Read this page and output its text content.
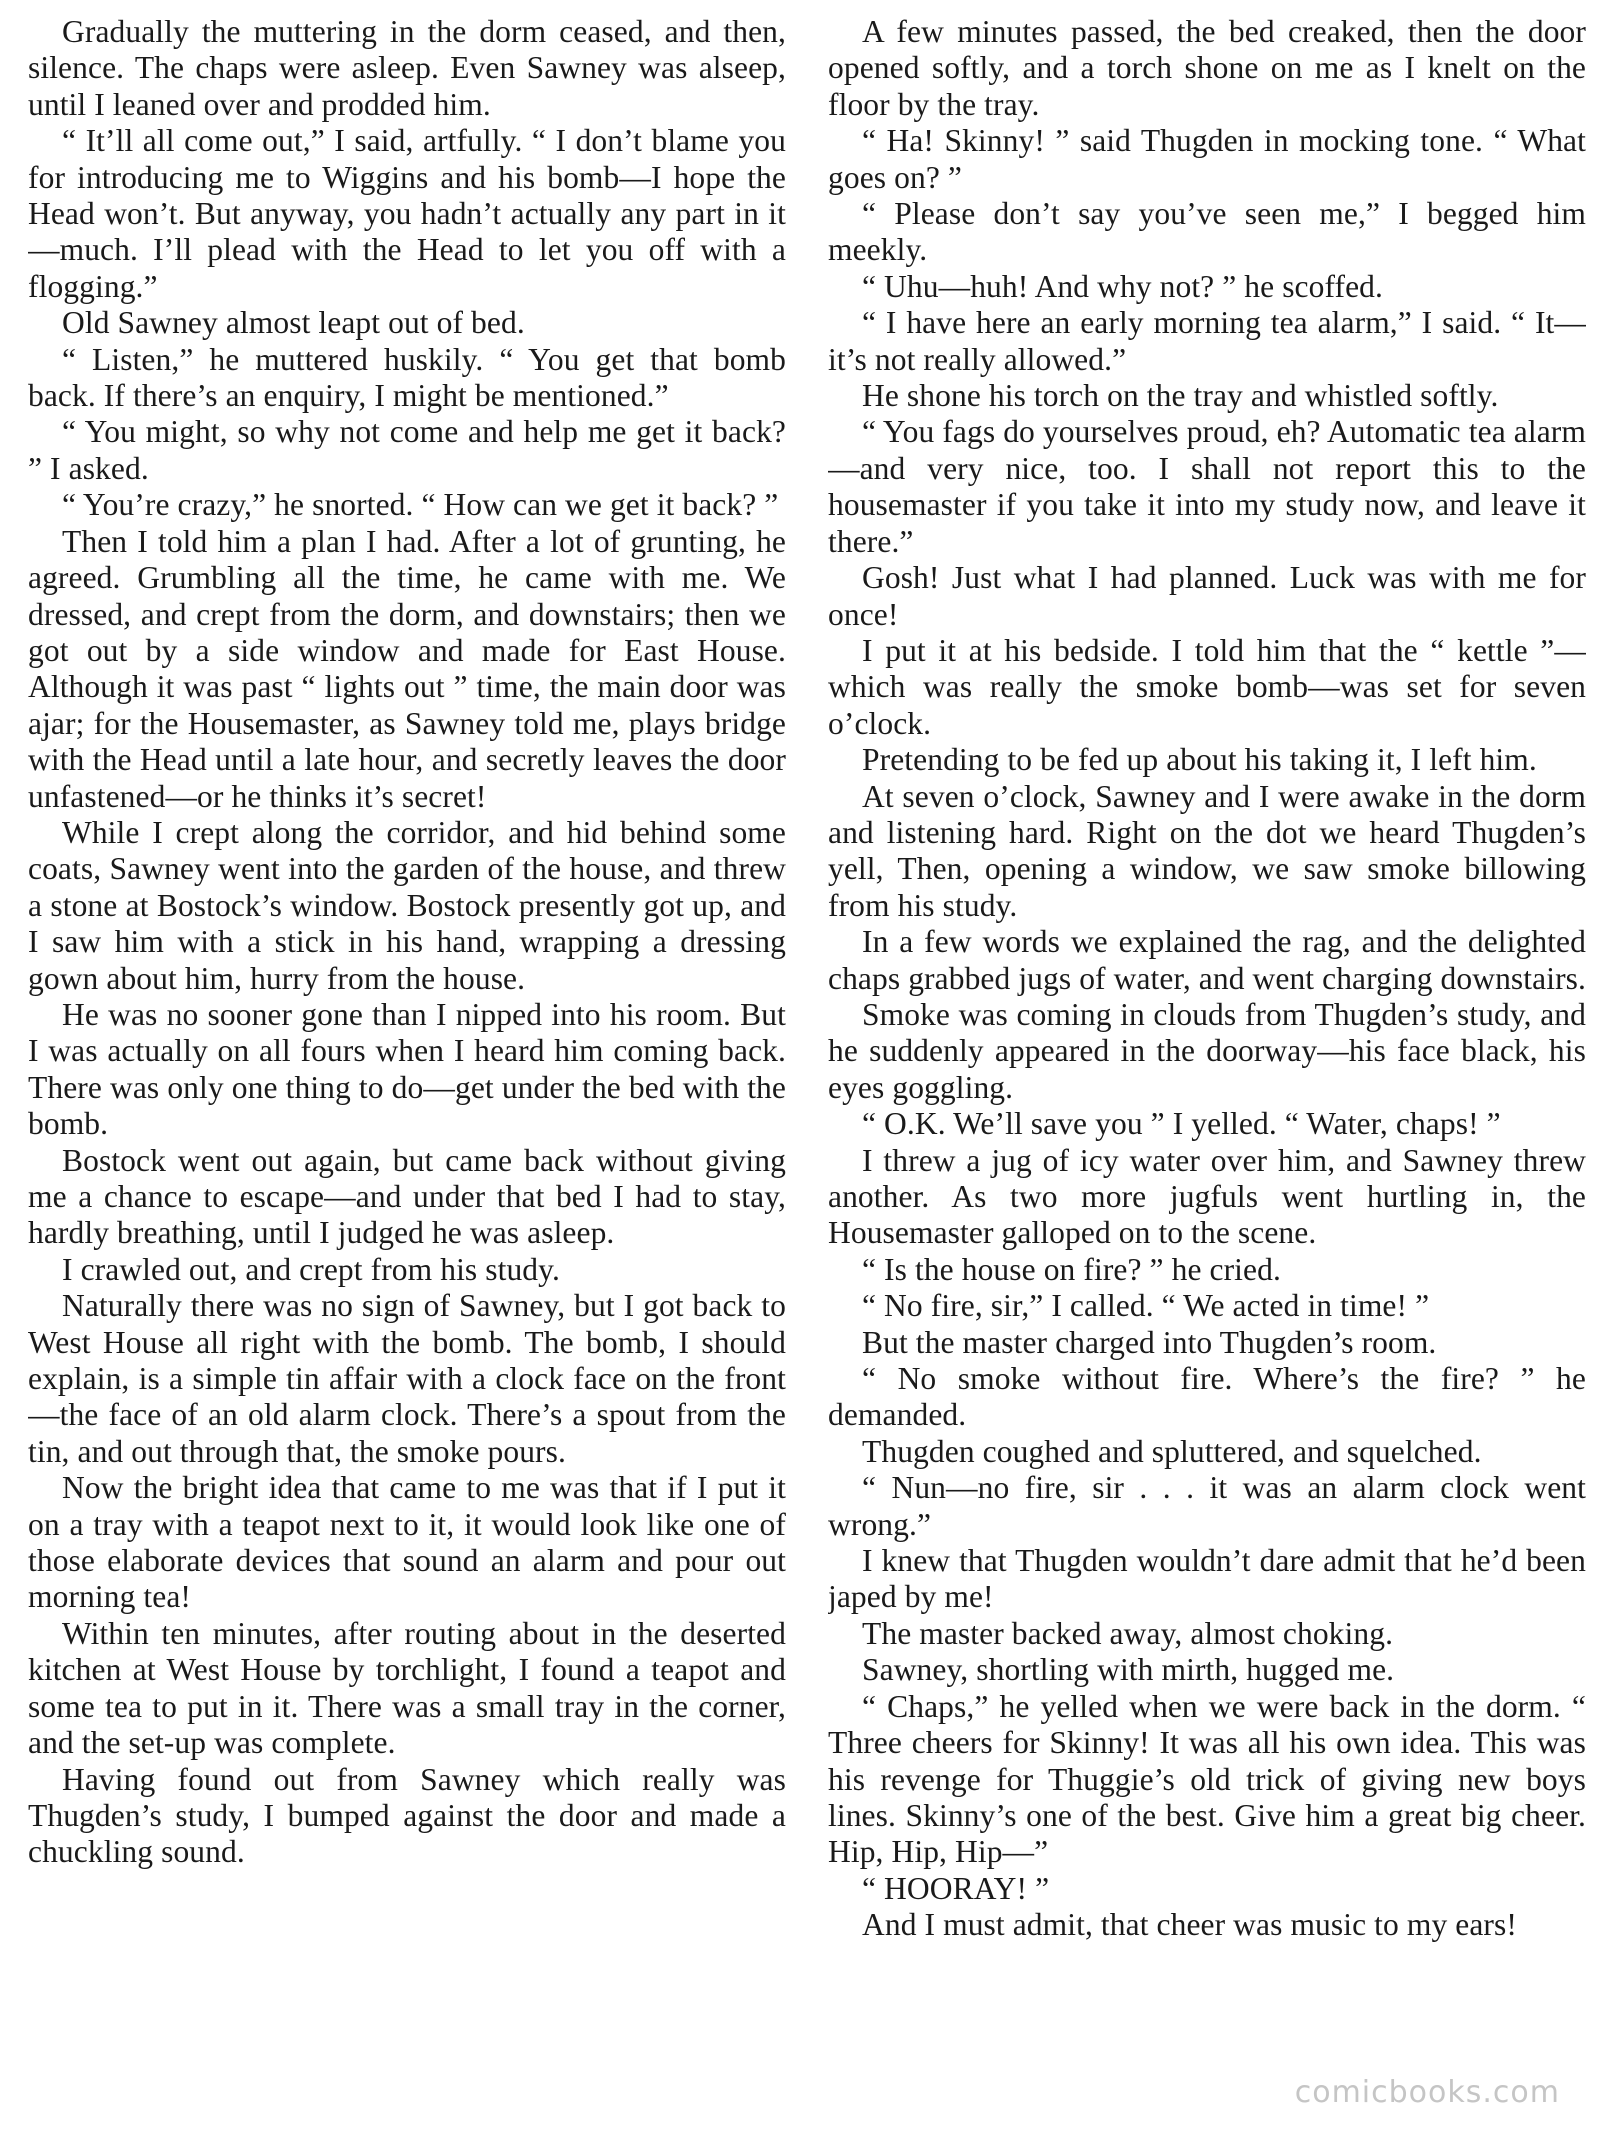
Gradually the muttering in the dorm ceased, and then, silence. The chaps were asleep. Even Sawney was alseep, until I leaned over and prodded him.

“ It’ll all come out,” I said, artfully. “ I don’t blame you for introducing me to Wiggins and his bomb—I hope the Head won’t. But anyway, you hadn’t actually any part in it—much. I’ll plead with the Head to let you off with a flogging.”

Old Sawney almost leapt out of bed.

“ Listen,” he muttered huskily. “ You get that bomb back. If there’s an enquiry, I might be mentioned.”

“ You might, so why not come and help me get it back? ” I asked.

“ You’re crazy,” he snorted. “ How can we get it back? ”

Then I told him a plan I had. After a lot of grunting, he agreed. Grumbling all the time, he came with me. We dressed, and crept from the dorm, and downstairs; then we got out by a side window and made for East House. Although it was past “ lights out ” time, the main door was ajar; for the Housemaster, as Sawney told me, plays bridge with the Head until a late hour, and secretly leaves the door unfastened—or he thinks it’s secret!

While I crept along the corridor, and hid behind some coats, Sawney went into the garden of the house, and threw a stone at Bostock’s window. Bostock presently got up, and I saw him with a stick in his hand, wrapping a dressing gown about him, hurry from the house.

He was no sooner gone than I nipped into his room. But I was actually on all fours when I heard him coming back. There was only one thing to do—get under the bed with the bomb.

Bostock went out again, but came back without giving me a chance to escape—and under that bed I had to stay, hardly breathing, until I judged he was asleep.

I crawled out, and crept from his study.

Naturally there was no sign of Sawney, but I got back to West House all right with the bomb. The bomb, I should explain, is a simple tin affair with a clock face on the front—the face of an old alarm clock. There’s a spout from the tin, and out through that, the smoke pours.

Now the bright idea that came to me was that if I put it on a tray with a teapot next to it, it would look like one of those elaborate devices that sound an alarm and pour out morning tea!

Within ten minutes, after routing about in the deserted kitchen at West House by torchlight, I found a teapot and some tea to put in it. There was a small tray in the corner, and the set-up was complete.

Having found out from Sawney which really was Thugden’s study, I bumped against the door and made a chuckling sound.

A few minutes passed, the bed creaked, then the door opened softly, and a torch shone on me as I knelt on the floor by the tray.

“ Ha! Skinny! ” said Thugden in mocking tone. “ What goes on? ”

“ Please don’t say you’ve seen me,” I begged him meekly.

“ Uhu—huh! And why not? ” he scoffed.

“ I have here an early morning tea alarm,” I said. “ It—it’s not really allowed.”

He shone his torch on the tray and whistled softly.

“ You fags do yourselves proud, eh? Automatic tea alarm—and very nice, too. I shall not report this to the housemaster if you take it into my study now, and leave it there.”

Gosh! Just what I had planned. Luck was with me for once!

I put it at his bedside. I told him that the “ kettle ”—which was really the smoke bomb—was set for seven o’clock.

Pretending to be fed up about his taking it, I left him.

At seven o’clock, Sawney and I were awake in the dorm and listening hard. Right on the dot we heard Thugden’s yell, Then, opening a window, we saw smoke billowing from his study.

In a few words we explained the rag, and the delighted chaps grabbed jugs of water, and went charging downstairs.

Smoke was coming in clouds from Thugden’s study, and he suddenly appeared in the doorway—his face black, his eyes goggling.

“ O.K. We’ll save you ” I yelled. “ Water, chaps! ”

I threw a jug of icy water over him, and Sawney threw another. As two more jugfuls went hurtling in, the Housemaster galloped on to the scene.

“ Is the house on fire? ” he cried.

“ No fire, sir,” I called. “ We acted in time! ”

But the master charged into Thugden’s room.

“ No smoke without fire. Where’s the fire? ” he demanded.

Thugden coughed and spluttered, and squelched.

“ Nun—no fire, sir . . . it was an alarm clock went wrong.”

I knew that Thugden wouldn’t dare admit that he’d been japed by me!

The master backed away, almost choking.

Sawney, shortling with mirth, hugged me.

“ Chaps,” he yelled when we were back in the dorm. “ Three cheers for Skinny! It was all his own idea. This was his revenge for Thuggie’s old trick of giving new boys lines. Skinny’s one of the best. Give him a great big cheer. Hip, Hip, Hip—”

“ HOORAY! ”

And I must admit, that cheer was music to my ears!

comicbooks.com
